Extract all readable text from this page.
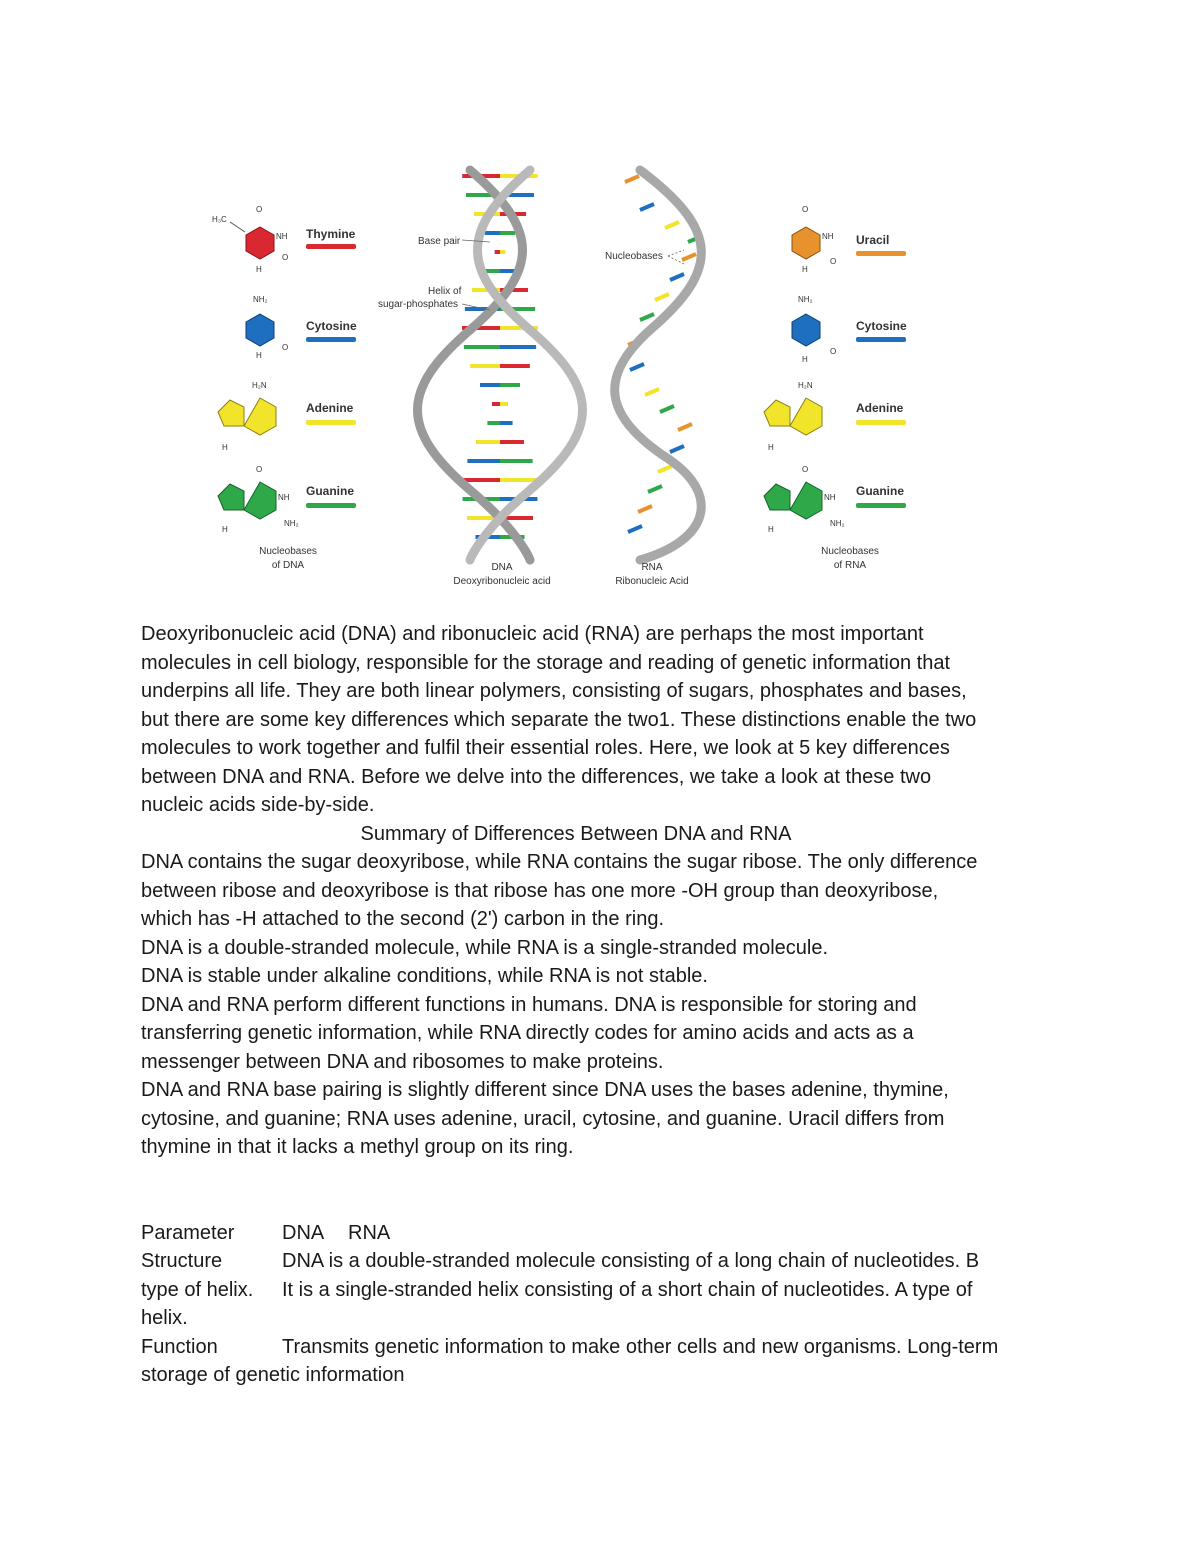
H₃C
O
NH
H
O
Thymine
NH₂
H
O
Cytosine
H₂N
H
Adenine
O
NH
NH₂
H
Guanine
Nucleobases
of DNA
Base pair
Helix of
sugar-phosphates
DNA
Deoxyribonucleic acid
Nucleobases
RNA
Ribonucleic Acid
O
NH
H
O
Uracil
NH₂
H
O
Cytosine
H₂N
H
Adenine
O
NH
NH₂
H
Guanine
Nucleobases
of RNA

Deoxyribonucleic acid (DNA) and ribonucleic acid (RNA) are perhaps the most important

molecules in cell biology, responsible for the storage and reading of genetic information that

underpins all life. They are both linear polymers, consisting of sugars, phosphates and bases,

but there are some key differences which separate the two1. These distinctions enable the two

molecules to work together and fulfil their essential roles. Here, we look at 5 key differences

between DNA and RNA. Before we delve into the differences, we take a look at these two

nucleic acids side-by-side.

Summary of Differences Between DNA and RNA

DNA contains the sugar deoxyribose, while RNA contains the sugar ribose. The only difference

between ribose and deoxyribose is that ribose has one more -OH group than deoxyribose,

which has -H attached to the second (2') carbon in the ring.

DNA is a double-stranded molecule, while RNA is a single-stranded molecule.

DNA is stable under alkaline conditions, while RNA is not stable.

DNA and RNA perform different functions in humans. DNA is responsible for storing and

transferring genetic information, while RNA directly codes for amino acids and acts as a

messenger between DNA and ribosomes to make proteins.

DNA and RNA base pairing is slightly different since DNA uses the bases adenine, thymine,

cytosine, and guanine; RNA uses adenine, uracil, cytosine, and guanine. Uracil differs from

thymine in that it lacks a methyl group on its ring.

Parameter DNA RNA

Structure	DNA is a double-stranded molecule consisting of a long chain of nucleotides. B

type of helix. It is a single-stranded helix consisting of a short chain of nucleotides. A type of

helix.

Function	Transmits genetic information to make other cells and new organisms. Long-term

storage of genetic information
